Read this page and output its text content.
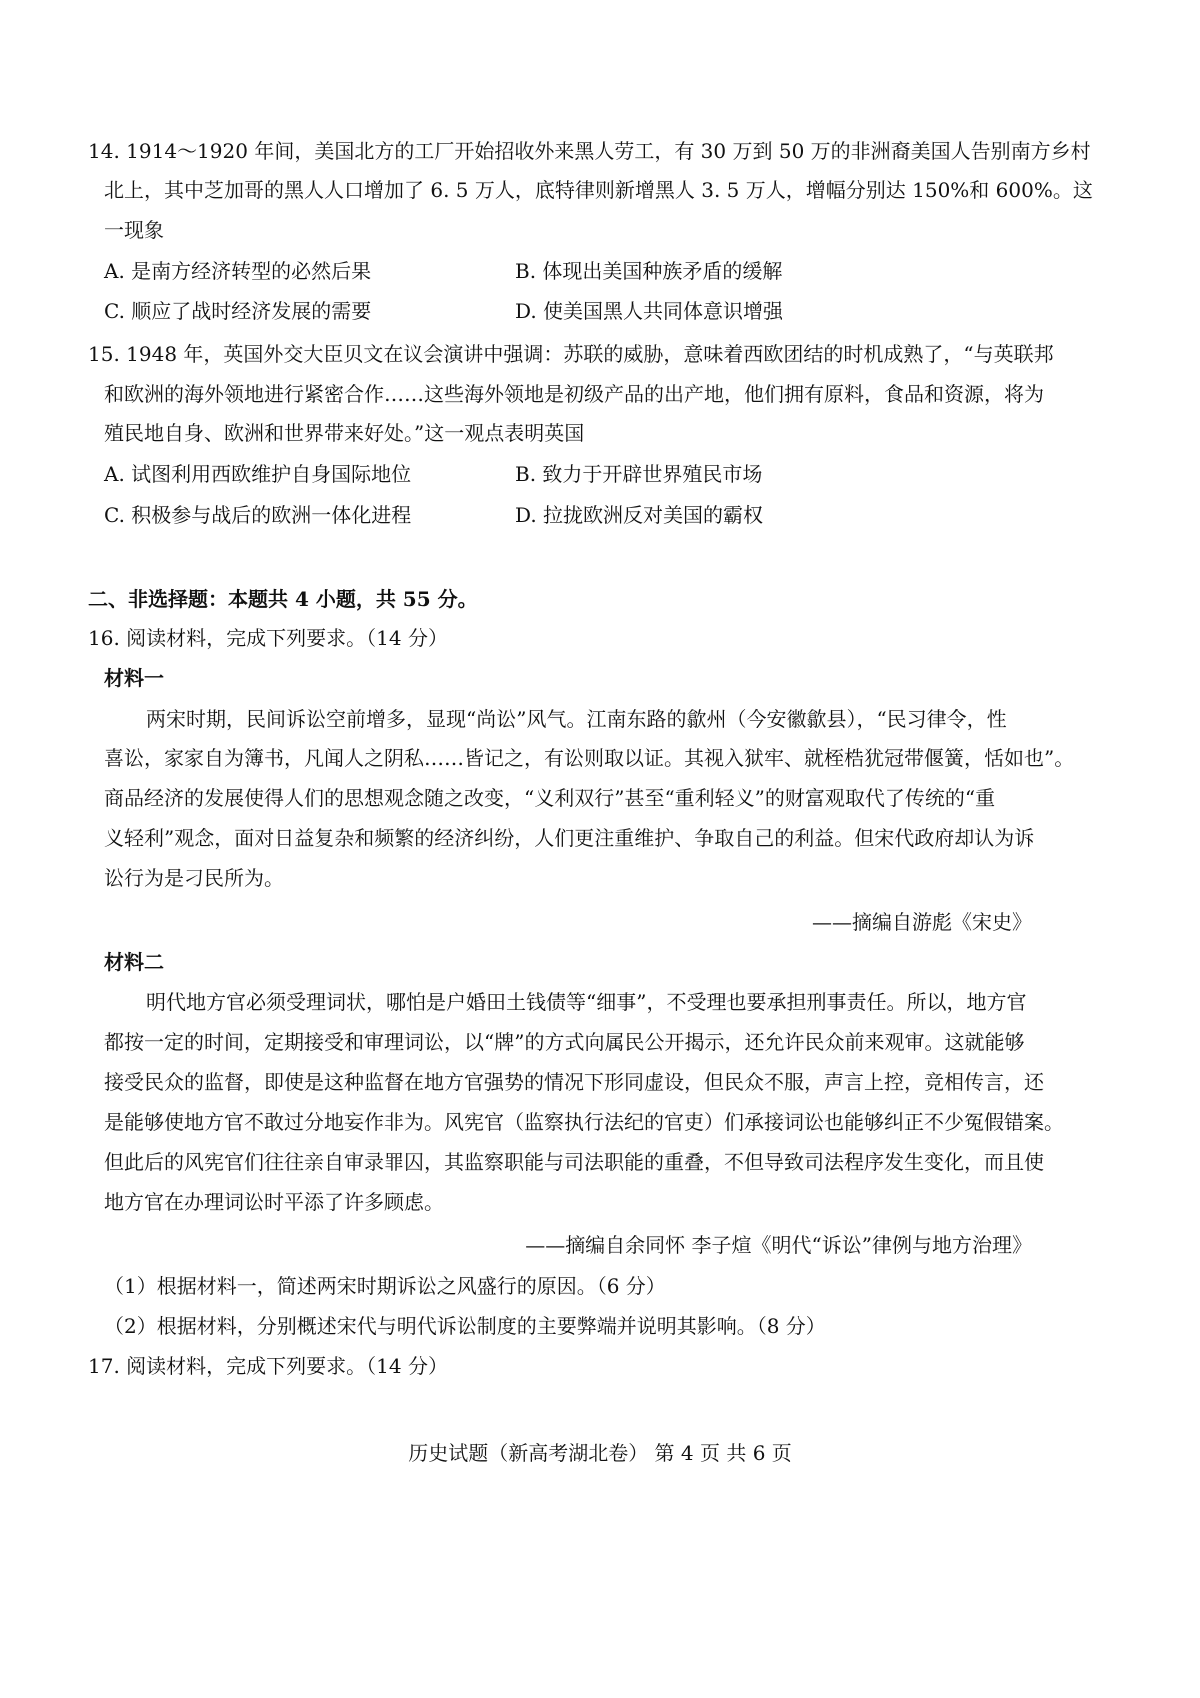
14. 1914～1920 年间，美国北方的工厂开始招收外来黑人劳工，有 30 万到 50 万的非洲裔美国人告别南方乡村
北上，其中芝加哥的黑人人口增加了 6. 5 万人，底特律则新增黑人 3. 5 万人，增幅分别达 150%和 600%。这
一现象
A. 是南方经济转型的必然后果	B. 体现出美国种族矛盾的缓解
C. 顺应了战时经济发展的需要	D. 使美国黑人共同体意识增强
15. 1948 年，英国外交大臣贝文在议会演讲中强调：苏联的威胁，意味着西欧团结的时机成熟了，“与英联邦
和欧洲的海外领地进行紧密合作……这些海外领地是初级产品的出产地，他们拥有原料，食品和资源，将为
殖民地自身、欧洲和世界带来好处。”这一观点表明英国
A. 试图利用西欧维护自身国际地位	B. 致力于开辟世界殖民市场
C. 积极参与战后的欧洲一体化进程	D. 拉拢欧洲反对美国的霸权
二、非选择题：本题共 4 小题，共 55 分。
16. 阅读材料，完成下列要求。（14 分）
材料一
两宋时期，民间诉讼空前增多，显现“尚讼”风气。江南东路的歙州（今安徽歙县），“民习律令，性
喜讼，家家自为簿书，凡闻人之阴私……皆记之，有讼则取以证。其视入狱牢、就桎梏犹冠带偃簧，恬如也”。
商品经济的发展使得人们的思想观念随之改变，“义利双行”甚至“重利轻义”的财富观取代了传统的“重
义轻利”观念，面对日益复杂和频繁的经济纠纷，人们更注重维护、争取自己的利益。但宋代政府却认为诉
讼行为是刁民所为。
——摘编自游彪《宋史》
材料二
明代地方官必须受理词状，哪怕是户婚田土钱债等“细事”，不受理也要承担刑事责任。所以，地方官
都按一定的时间，定期接受和审理词讼，以“牌”的方式向属民公开揭示，还允许民众前来观审。这就能够
接受民众的监督，即使是这种监督在地方官强势的情况下形同虚设，但民众不服，声言上控，竞相传言，还
是能够使地方官不敢过分地妄作非为。风宪官（监察执行法纪的官吏）们承接词讼也能够纠正不少冤假错案。
但此后的风宪官们往往亲自审录罪囚，其监察职能与司法职能的重叠，不但导致司法程序发生变化，而且使
地方官在办理词讼时平添了许多顾虑。
——摘编自余同怀 李子煊《明代“诉讼”律例与地方治理》
（1）根据材料一，简述两宋时期诉讼之风盛行的原因。（6 分）
（2）根据材料，分别概述宋代与明代诉讼制度的主要弊端并说明其影响。（8 分）
17. 阅读材料，完成下列要求。（14 分）
历史试题（新高考湖北卷） 第 4 页 共 6 页
